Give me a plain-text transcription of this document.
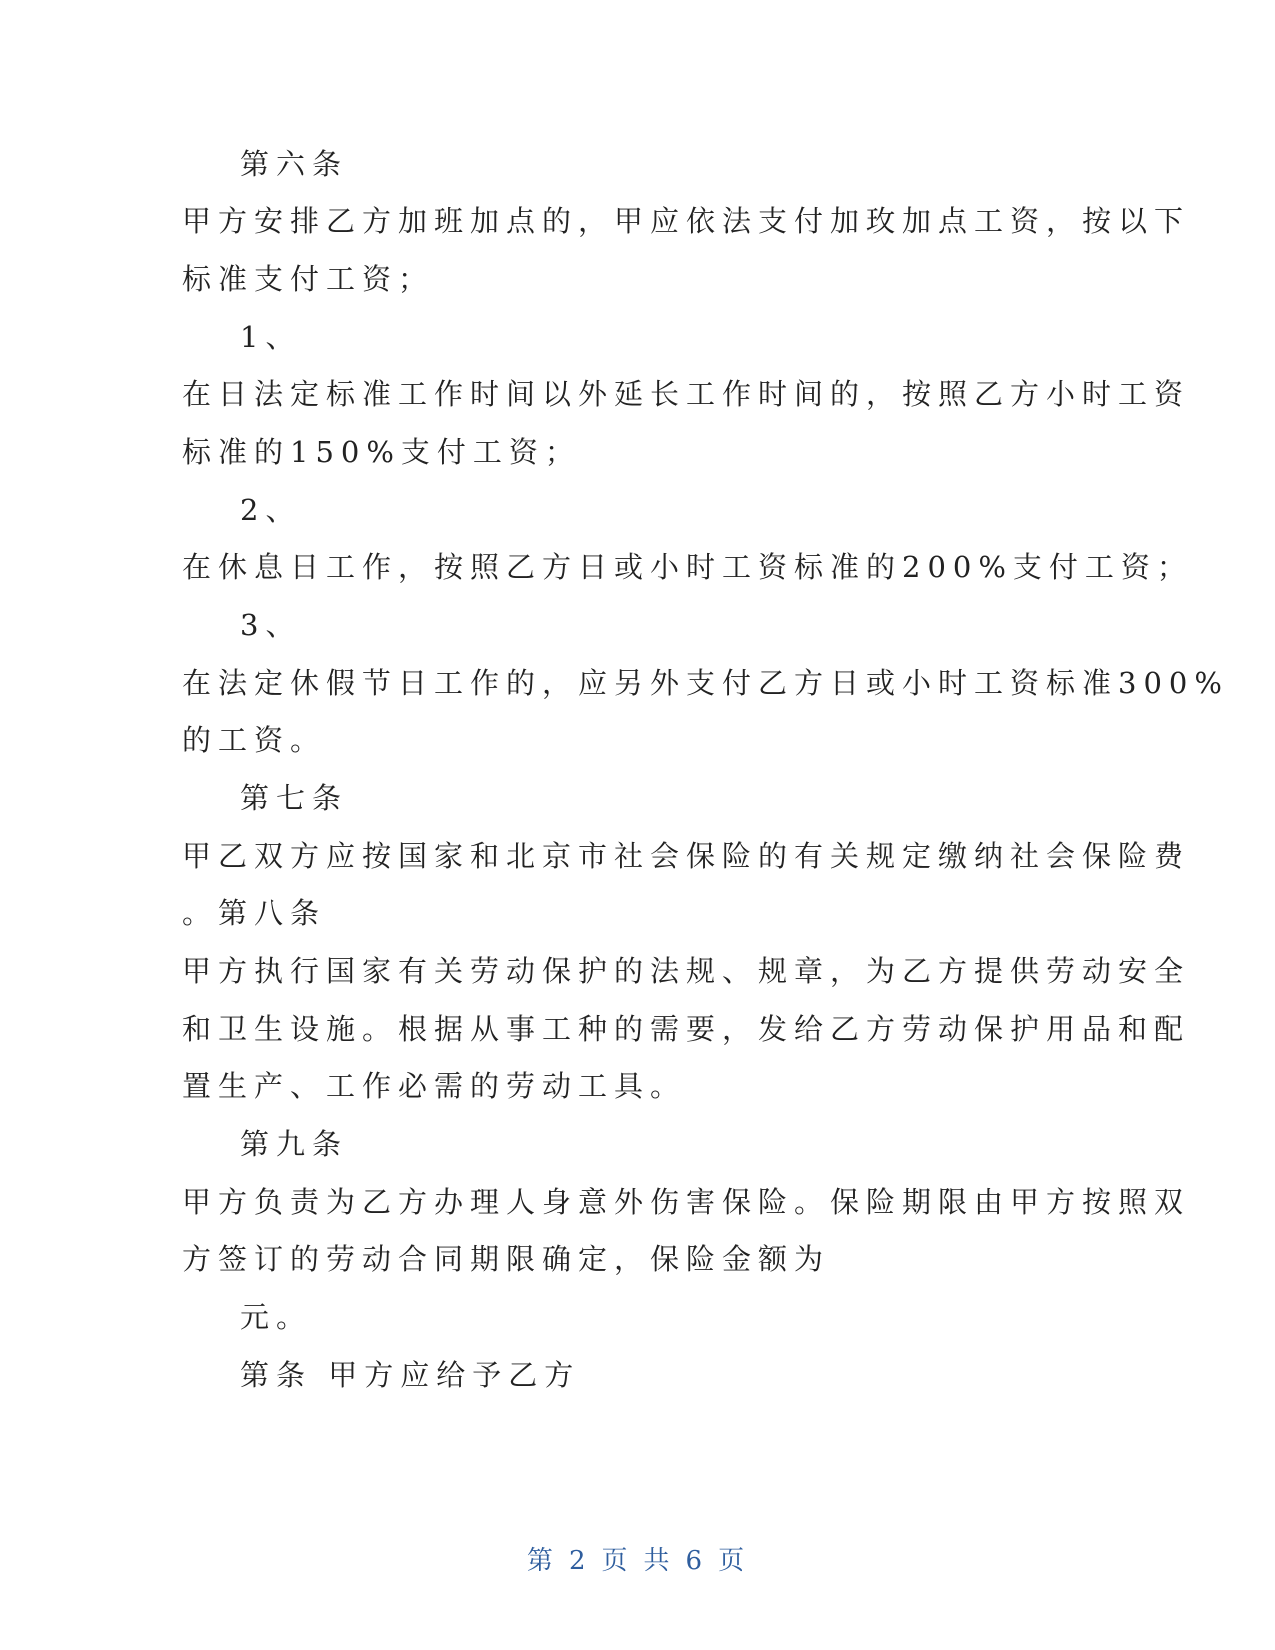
第六条
甲方安排乙方加班加点的，甲应依法支付加玫加点工资，按以下
标准支付工资；
1、
在日法定标准工作时间以外延长工作时间的，按照乙方小时工资
标准的150%支付工资；
2、
在休息日工作，按照乙方日或小时工资标准的200%支付工资；
3、
在法定休假节日工作的，应另外支付乙方日或小时工资标准300%
的工资。
第七条
甲乙双方应按国家和北京市社会保险的有关规定缴纳社会保险费
。第八条
甲方执行国家有关劳动保护的法规、规章，为乙方提供劳动安全
和卫生设施。根据从事工种的需要，发给乙方劳动保护用品和配
置生产、工作必需的劳动工具。
第九条
甲方负责为乙方办理人身意外伤害保险。保险期限由甲方按照双
方签订的劳动合同期限确定，保险金额为
元。
第条 甲方应给予乙方
第 2 页 共 6 页
